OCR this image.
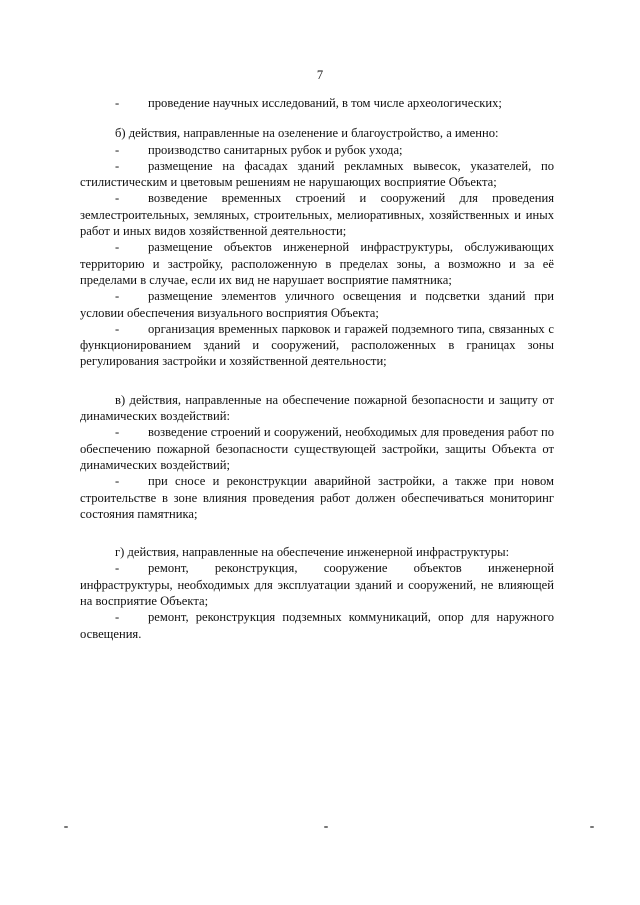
7

-	проведение научных исследований, в том числе археологических;

б) действия, направленные на озеленение и благоустройство, а именно:

-	производство санитарных рубок и рубок ухода;

-	размещение на фасадах зданий рекламных вывесок, указателей, по стилистическим и цветовым решениям не нарушающих восприятие Объекта;

-	возведение временных строений и сооружений для проведения землестроительных, земляных, строительных, мелиоративных, хозяйственных и иных работ и иных видов хозяйственной деятельности;

-	размещение объектов инженерной инфраструктуры, обслуживающих территорию и застройку, расположенную в пределах зоны, а возможно и за её пределами в случае, если их вид не нарушает восприятие памятника;

-	размещение элементов уличного освещения и подсветки зданий при условии обеспечения визуального восприятия Объекта;

-	организация временных парковок и гаражей подземного типа, связанных с функционированием зданий и сооружений, расположенных в границах зоны регулирования застройки и хозяйственной деятельности;

в) действия, направленные на обеспечение пожарной безопасности и защиту от динамических воздействий:

-	возведение строений и сооружений, необходимых для проведения работ по обеспечению пожарной безопасности существующей застройки, защиты Объекта от динамических воздействий;

-	при сносе и реконструкции аварийной застройки, а также при новом строительстве в зоне влияния проведения работ должен обеспечиваться мониторинг состояния памятника;

г) действия, направленные на обеспечение инженерной инфраструктуры:

-	ремонт, реконструкция, сооружение объектов инженерной инфраструктуры, необходимых для эксплуатации зданий и сооружений, не влияющей на восприятие Объекта;

-	ремонт, реконструкция подземных коммуникаций, опор для наружного освещения.
